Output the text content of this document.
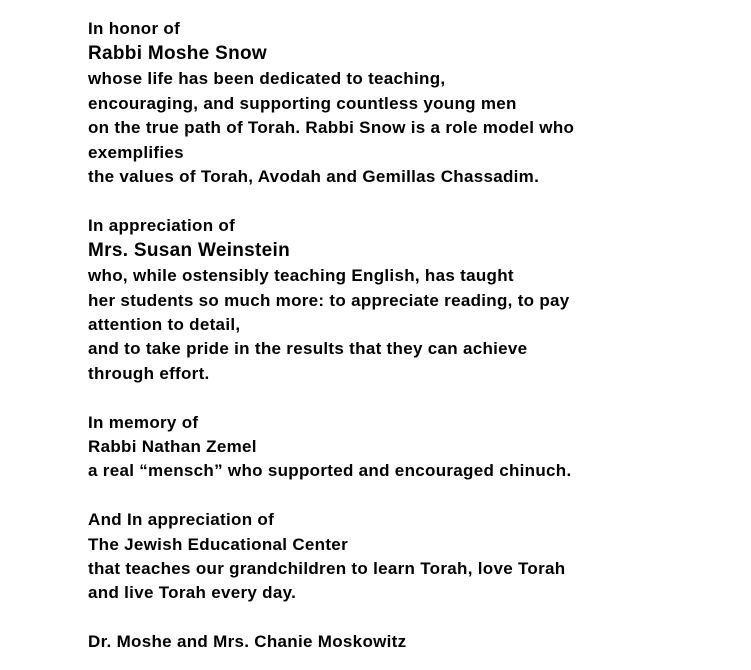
In honor of
Rabbi Moshe Snow
whose life has been dedicated to teaching,
encouraging, and supporting countless young men
on the true path of Torah. Rabbi Snow is a role model who
exemplifies
the values of Torah, Avodah and Gemillas Chassadim.
In appreciation of
Mrs. Susan Weinstein
who, while ostensibly teaching English, has taught
her students so much more: to appreciate reading, to pay
attention to detail,
and to take pride in the results that they can achieve
through effort.
In memory of
Rabbi Nathan Zemel
a real “mensch” who supported and encouraged chinuch.
And In appreciation of
The Jewish Educational Center
that teaches our grandchildren to learn Torah, love Torah
and live Torah every day.
Dr. Moshe and Mrs. Chanie Moskowitz
